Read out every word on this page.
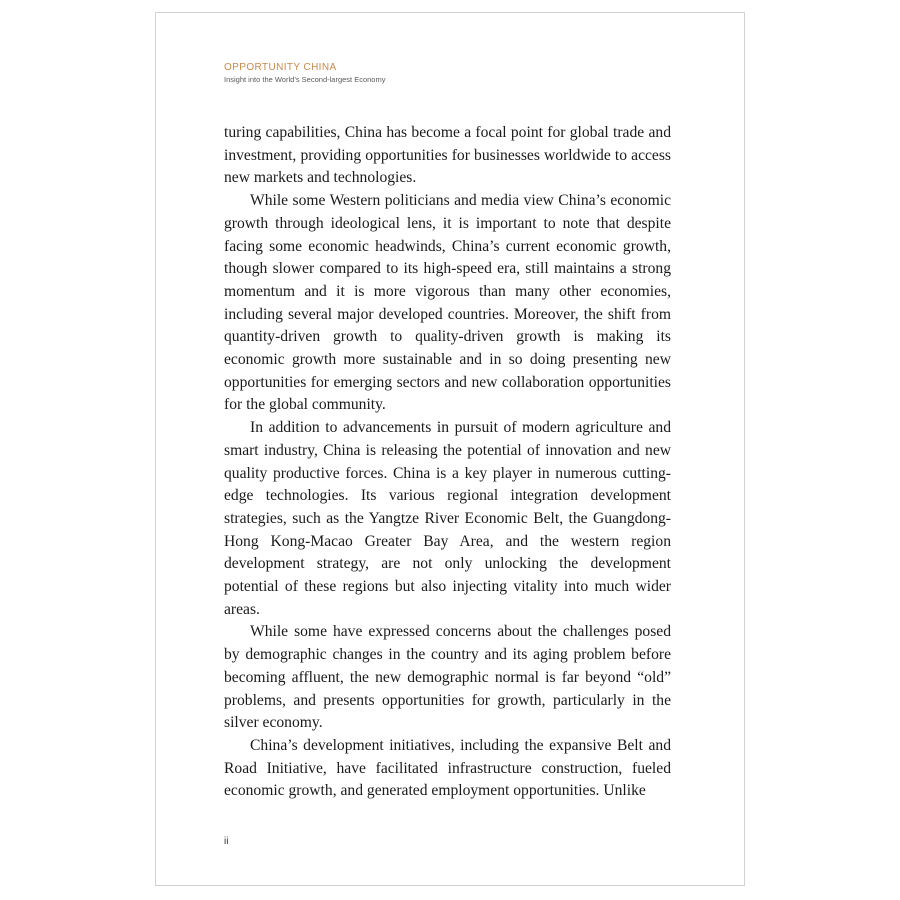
OPPORTUNITY CHINA
Insight into the World’s Second-largest Economy

turing capabilities, China has become a focal point for global trade and investment, providing opportunities for businesses worldwide to access new markets and technologies.

While some Western politicians and media view China’s economic growth through ideological lens, it is important to note that despite facing some economic headwinds, China’s current economic growth, though slower compared to its high-speed era, still maintains a strong momentum and it is more vigorous than many other economies, including several major developed countries. Moreover, the shift from quantity-driven growth to quality-driven growth is making its economic growth more sustainable and in so doing presenting new opportunities for emerging sectors and new collaboration opportunities for the global community.

In addition to advancements in pursuit of modern agriculture and smart industry, China is releasing the potential of innovation and new quality productive forces. China is a key player in numerous cutting-edge technologies. Its various regional integration development strategies, such as the Yangtze River Economic Belt, the Guangdong-Hong Kong-Macao Greater Bay Area, and the western region development strategy, are not only unlocking the development potential of these regions but also injecting vitality into much wider areas.

While some have expressed concerns about the challenges posed by demographic changes in the country and its aging problem before becoming affluent, the new demographic normal is far beyond “old” problems, and presents opportunities for growth, particularly in the silver economy.

China’s development initiatives, including the expansive Belt and Road Initiative, have facilitated infrastructure construction, fueled economic growth, and generated employment opportunities. Unlike

ii
